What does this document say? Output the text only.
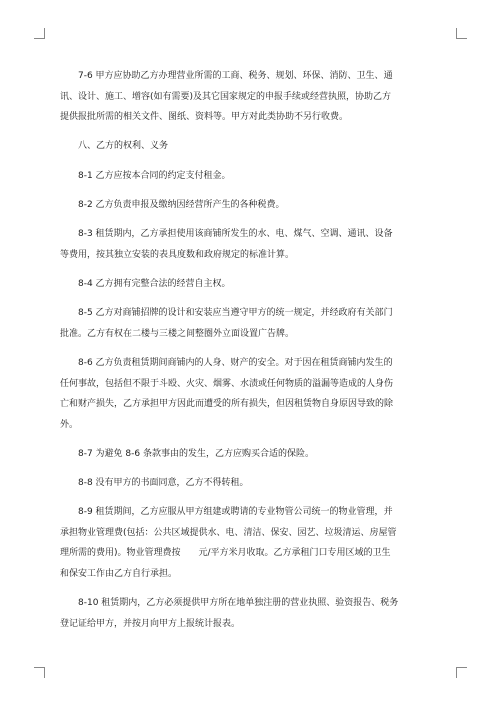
7-6 甲方应协助乙方办理营业所需的工商、税务、规划、环保、消防、卫生、通
讯、设计、施工、增容(如有需要)及其它国家规定的申报手续或经营执照，协助乙方
提供报批所需的相关文件、图纸、资料等。甲方对此类协助不另行收费。

八、乙方的权利、义务

8-1 乙方应按本合同的约定支付租金。

8-2 乙方负责申报及缴纳因经营所产生的各种税费。

8-3 租赁期内，乙方承担使用该商铺所发生的水、电、煤气、空调、通讯、设备
等费用，按其独立安装的表具度数和政府规定的标准计算。

8-4 乙方拥有完整合法的经营自主权。

8-5 乙方对商铺招牌的设计和安装应当遵守甲方的统一规定，并经政府有关部门
批准。乙方有权在二楼与三楼之间整圈外立面设置广告牌。

8-6 乙方负责租赁期间商铺内的人身、财产的安全。对于因在租赁商铺内发生的
任何事故，包括但不限于斗殴、火灾、烟雾、水渍或任何物质的溢漏等造成的人身伤
亡和财产损失，乙方承担甲方因此而遭受的所有损失，但因租赁物自身原因导致的除
外。

8-7 为避免 8-6 条款事由的发生，乙方应购买合适的保险。

8-8 没有甲方的书面同意，乙方不得转租。

8-9 租赁期间，乙方应服从甲方组建或聘请的专业物管公司统一的物业管理，并
承担物业管理费(包括：公共区域提供水、电、清洁、保安、园艺、垃圾清运、房屋管
理所需的费用)。物业管理费按　　元/平方米月收取。乙方承租门口专用区域的卫生
和保安工作由乙方自行承担。

8-10 租赁期内，乙方必须提供甲方所在地单独注册的营业执照、验资报告、税务
登记证给甲方，并按月向甲方上报统计报表。
